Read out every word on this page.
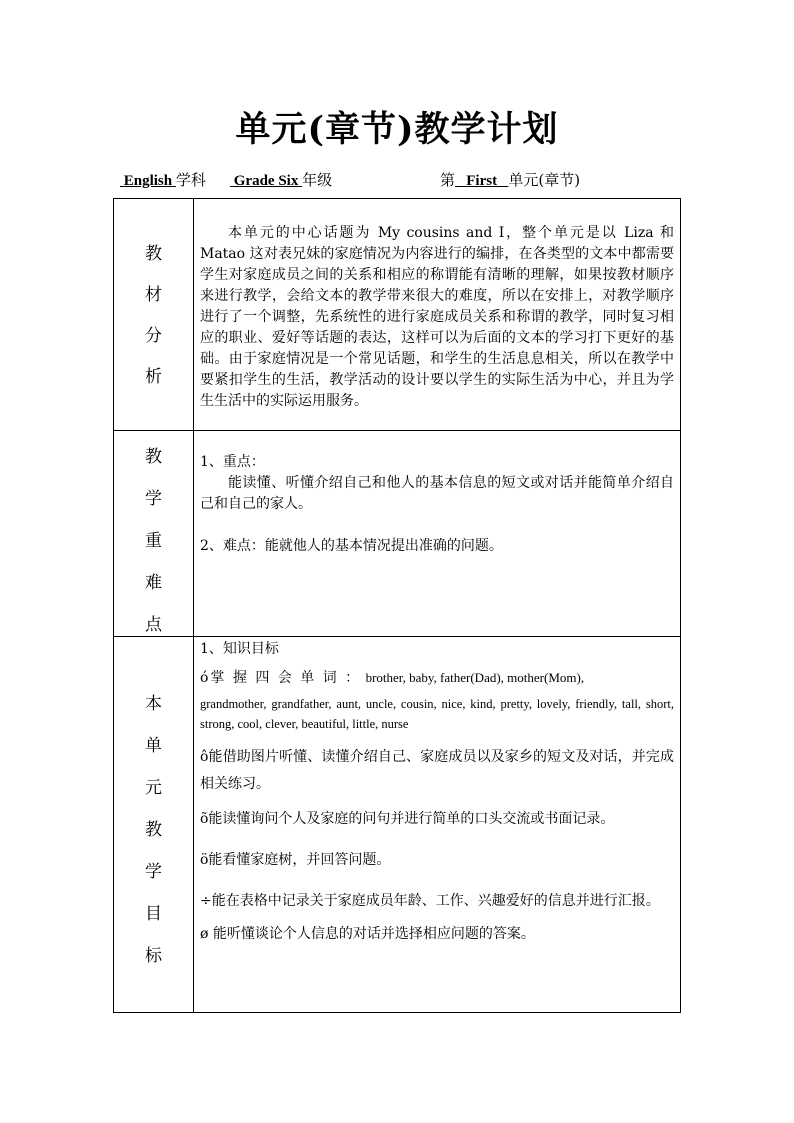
单元(章节)教学计划
English 学科 Grade Six 年级	第 First 单元(章节)
教
材
分
析

本单元的中心话题为 My cousins and I，整个单元是以 Liza 和 Matao 这对表兄妹的家庭情况为内容进行的编排，在各类型的文本中都需要学生对家庭成员之间的关系和相应的称谓能有清晰的理解，如果按教材顺序来进行教学，会给文本的教学带来很大的难度，所以在安排上，对教学顺序进行了一个调整，先系统性的进行家庭成员关系和称谓的教学，同时复习相应的职业、爱好等话题的表达，这样可以为后面的文本的学习打下更好的基础。由于家庭情况是一个常见话题，和学生的生活息息相关，所以在教学中要紧扣学生的生活，教学活动的设计要以学生的实际生活为中心，并且为学生生活中的实际运用服务。

教
学
重
难
点

1、重点：

能读懂、听懂介绍自己和他人的基本信息的短文或对话并能简单介绍自己和自己的家人。

2、难点：能就他人的基本情况提出准确的问题。

本
单
元
教
学
目
标

1、知识目标

ó掌 握 四 会 单 词 ： brother, baby, father(Dad), mother(Mom),

grandmother, grandfather, aunt, uncle, cousin, nice, kind, pretty, lovely, friendly, tall, short, strong, cool, clever, beautiful, little, nurse

ô能借助图片听懂、读懂介绍自己、家庭成员以及家乡的短文及对话，并完成相关练习。

õ能读懂询问个人及家庭的问句并进行简单的口头交流或书面记录。

ö能看懂家庭树，并回答问题。

÷能在表格中记录关于家庭成员年龄、工作、兴趣爱好的信息并进行汇报。

ø 能听懂谈论个人信息的对话并选择相应问题的答案。
